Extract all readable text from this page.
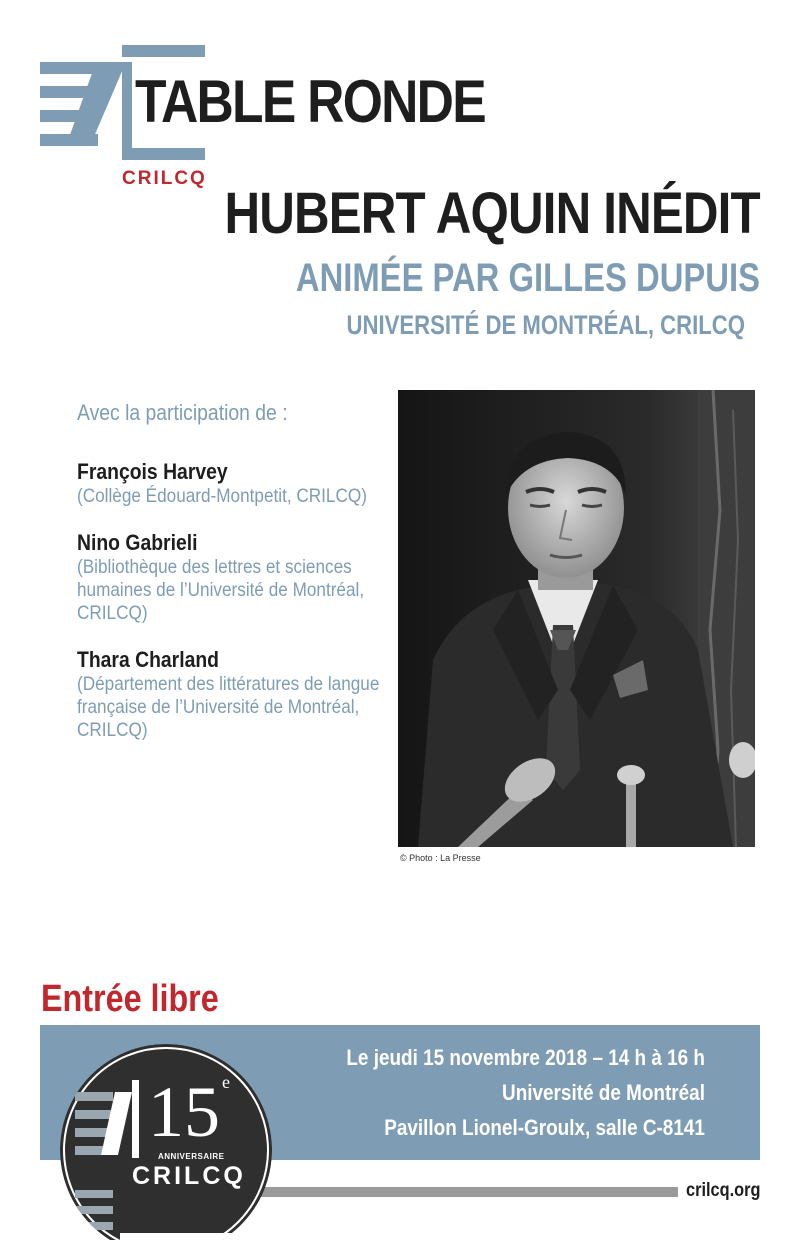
TABLE RONDE
CRILCQ
HUBERT AQUIN INÉDIT
ANIMÉE PAR GILLES DUPUIS
UNIVERSITÉ DE MONTRÉAL, CRILCQ
Avec la participation de :
François Harvey
(Collège Édouard-Montpetit, CRILCQ)
Nino Gabrieli
(Bibliothèque des lettres et sciences humaines de l’Université de Montréal, CRILCQ)
Thara Charland
(Département des littératures de langue française de l’Université de Montréal, CRILCQ)
© Photo : La Presse
Entrée libre
Le jeudi 15 novembre 2018 – 14 h à 16 h
Université de Montréal
Pavillon Lionel-Groulx, salle C-8141
crilcq.org
15 e
ANNIVERSAIRE
CRILCQ
